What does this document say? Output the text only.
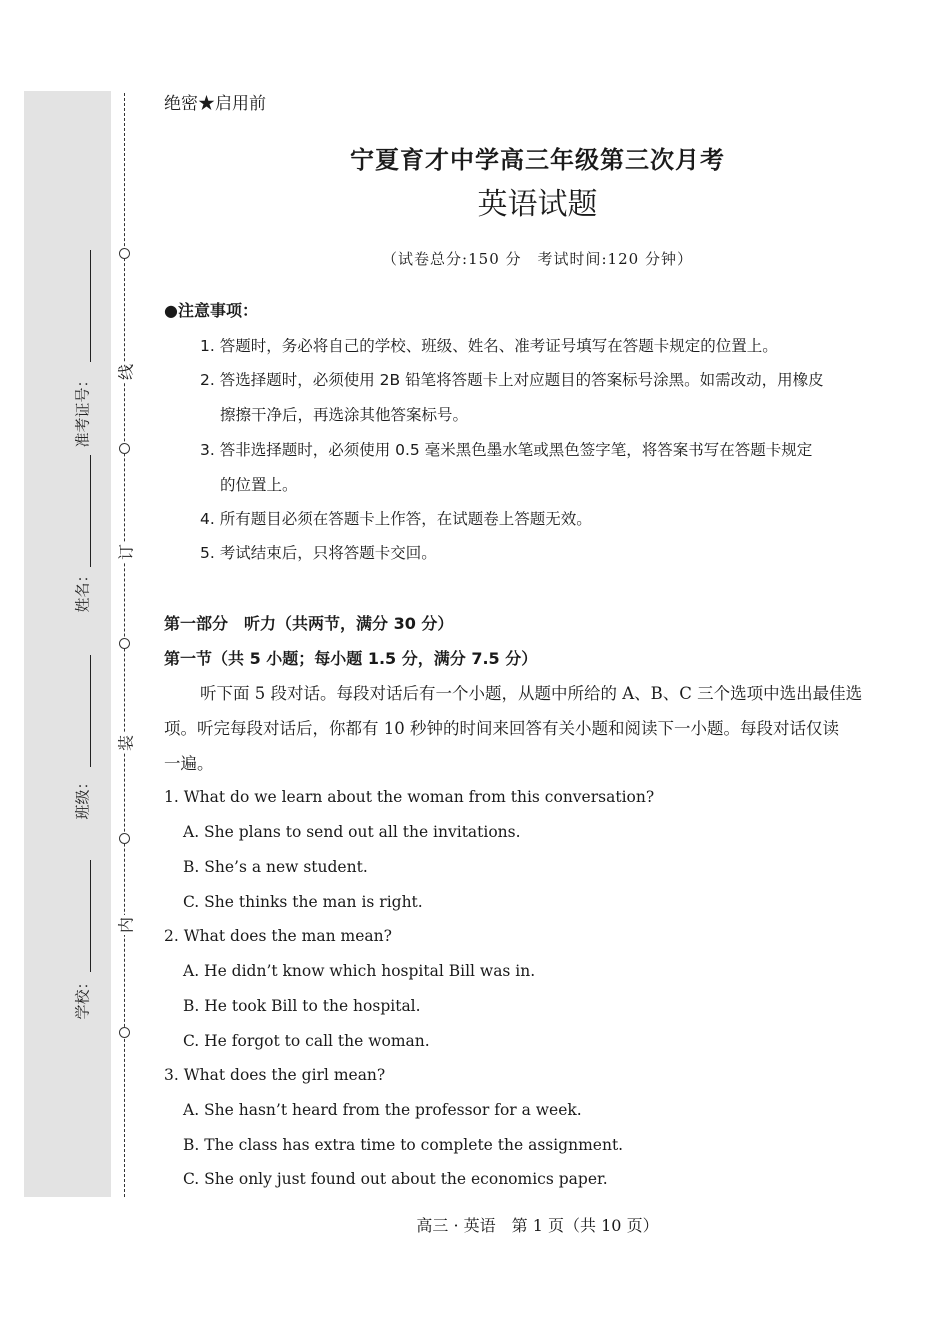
准考证号：
姓名：
班级：
学校：
线
订
装
内
绝密★启用前
宁夏育才中学高三年级第三次月考
英语试题
（试卷总分:150 分　考试时间:120 分钟）
●注意事项：
1. 答题时，务必将自己的学校、班级、姓名、准考证号填写在答题卡规定的位置上。
2. 答选择题时，必须使用 2B 铅笔将答题卡上对应题目的答案标号涂黑。如需改动，用橡皮
擦擦干净后，再选涂其他答案标号。
3. 答非选择题时，必须使用 0.5 毫米黑色墨水笔或黑色签字笔，将答案书写在答题卡规定
的位置上。
4. 所有题目必须在答题卡上作答，在试题卷上答题无效。
5. 考试结束后，只将答题卡交回。
第一部分　听力（共两节，满分 30 分）
第一节（共 5 小题；每小题 1.5 分，满分 7.5 分）
听下面 5 段对话。每段对话后有一个小题，从题中所给的 A、B、C 三个选项中选出最佳选
项。听完每段对话后，你都有 10 秒钟的时间来回答有关小题和阅读下一小题。每段对话仅读
一遍。
1. What do we learn about the woman from this conversation?
A. She plans to send out all the invitations.
B. She’s a new student.
C. She thinks the man is right.
2. What does the man mean?
A. He didn’t know which hospital Bill was in.
B. He took Bill to the hospital.
C. He forgot to call the woman.
3. What does the girl mean?
A. She hasn’t heard from the professor for a week.
B. The class has extra time to complete the assignment.
C. She only just found out about the economics paper.
高三 · 英语　第 1 页（共 10 页）
